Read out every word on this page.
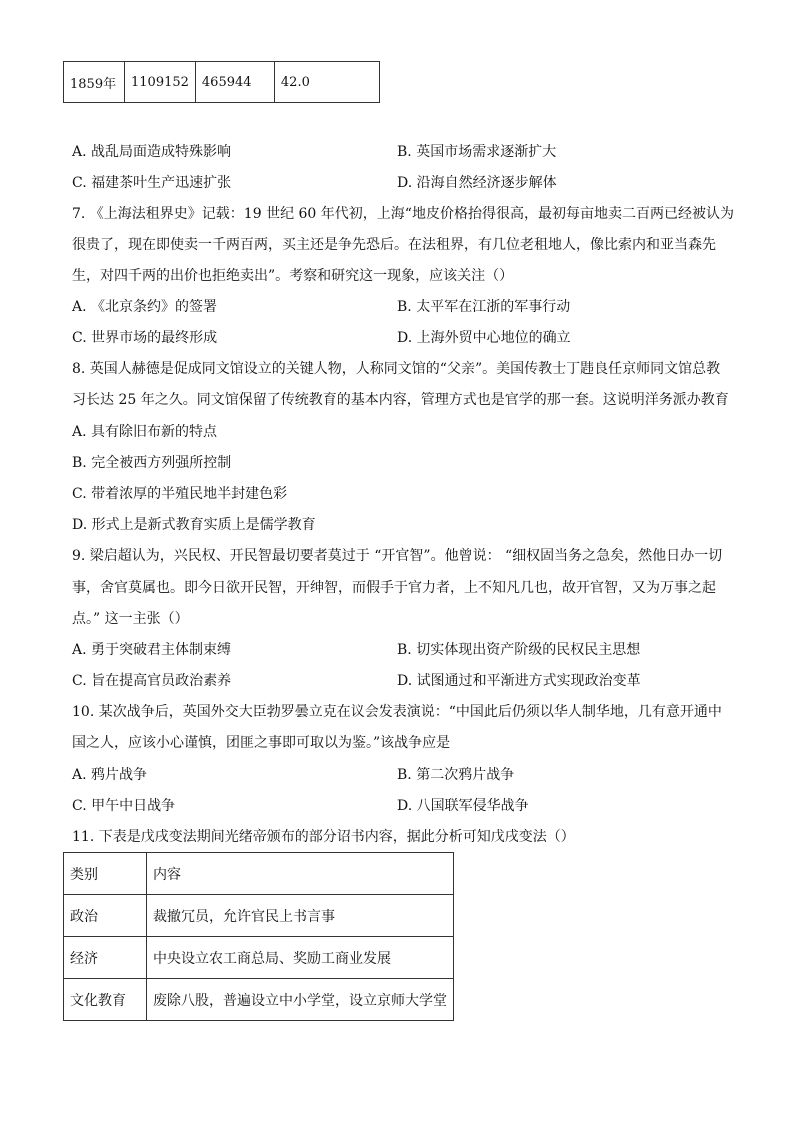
1859年	1109152	465944	42.0
A. 战乱局面造成特殊影响	B. 英国市场需求逐渐扩大
C. 福建茶叶生产迅速扩张	D. 沿海自然经济逐步解体
7. 《上海法租界史》记载：19 世纪 60 年代初，上海“地皮价格抬得很高，最初每亩地卖二百两已经被认为
很贵了，现在即使卖一千两百两，买主还是争先恐后。在法租界，有几位老租地人，像比索内和亚当森先
生，对四千两的出价也拒绝卖出”。考察和研究这一现象，应该关注（）
A. 《北京条约》的签署	B. 太平军在江浙的军事行动
C. 世界市场的最终形成	D. 上海外贸中心地位的确立
8. 英国人赫德是促成同文馆设立的关键人物，人称同文馆的“父亲”。美国传教士丁韪良任京师同文馆总教
习长达 25 年之久。同文馆保留了传统教育的基本内容，管理方式也是官学的那一套。这说明洋务派办教育
A. 具有除旧布新的特点
B. 完全被西方列强所控制
C. 带着浓厚的半殖民地半封建色彩
D. 形式上是新式教育实质上是儒学教育
9. 梁启超认为，兴民权、开民智最切要者莫过于 “开官智”。他曾说： “细权固当务之急矣，然他日办一切
事，舍官莫属也。即今日欲开民智，开绅智，而假手于官力者，上不知凡几也，故开官智，又为万事之起
点。” 这一主张（）
A. 勇于突破君主体制束缚	B. 切实体现出资产阶级的民权民主思想
C. 旨在提高官员政治素养	D. 试图通过和平渐进方式实现政治变革
10. 某次战争后，英国外交大臣勃罗曇立克在议会发表演说：“中国此后仍须以华人制华地，几有意开通中
国之人，应该小心谨慎，团匪之事即可取以为鉴。”该战争应是
A. 鸦片战争	B. 第二次鸦片战争
C. 甲午中日战争	D. 八国联军侵华战争
11. 下表是戊戌变法期间光绪帝颁布的部分诏书内容，据此分析可知戊戌变法（）
类别	内容
政治	裁撤冗员，允许官民上书言事
经济	中央设立农工商总局、奖励工商业发展
文化教育	废除八股，普遍设立中小学堂，设立京师大学堂
